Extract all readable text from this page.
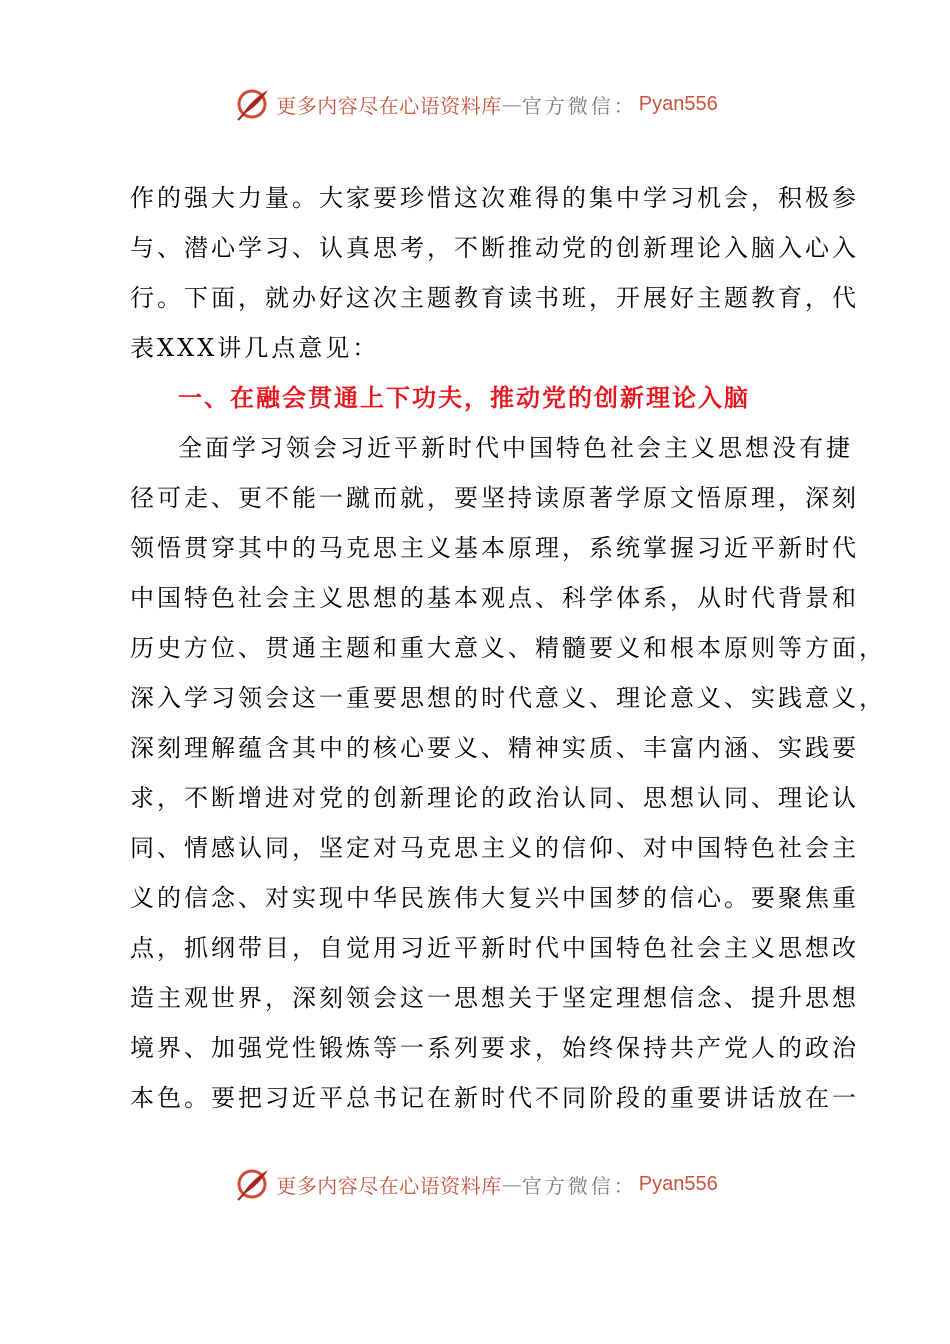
更多内容尽在心语资料库 — 官方微信： Pyan556
作的强大力量。大家要珍惜这次难得的集中学习机会，积极参
与、潜心学习、认真思考，不断推动党的创新理论入脑入心入
行。下面，就办好这次主题教育读书班，开展好主题教育，代
表XXX讲几点意见：
一、在融会贯通上下功夫，推动党的创新理论入脑
全面学习领会习近平新时代中国特色社会主义思想没有捷
径可走、更不能一蹴而就，要坚持读原著学原文悟原理，深刻
领悟贯穿其中的马克思主义基本原理，系统掌握习近平新时代
中国特色社会主义思想的基本观点、科学体系，从时代背景和
历史方位、贯通主题和重大意义、精髓要义和根本原则等方面，
深入学习领会这一重要思想的时代意义、理论意义、实践意义，
深刻理解蕴含其中的核心要义、精神实质、丰富内涵、实践要
求，不断增进对党的创新理论的政治认同、思想认同、理论认
同、情感认同，坚定对马克思主义的信仰、对中国特色社会主
义的信念、对实现中华民族伟大复兴中国梦的信心。要聚焦重
点，抓纲带目，自觉用习近平新时代中国特色社会主义思想改
造主观世界，深刻领会这一思想关于坚定理想信念、提升思想
境界、加强党性锻炼等一系列要求，始终保持共产党人的政治
本色。要把习近平总书记在新时代不同阶段的重要讲话放在一
更多内容尽在心语资料库 — 官方微信： Pyan556
